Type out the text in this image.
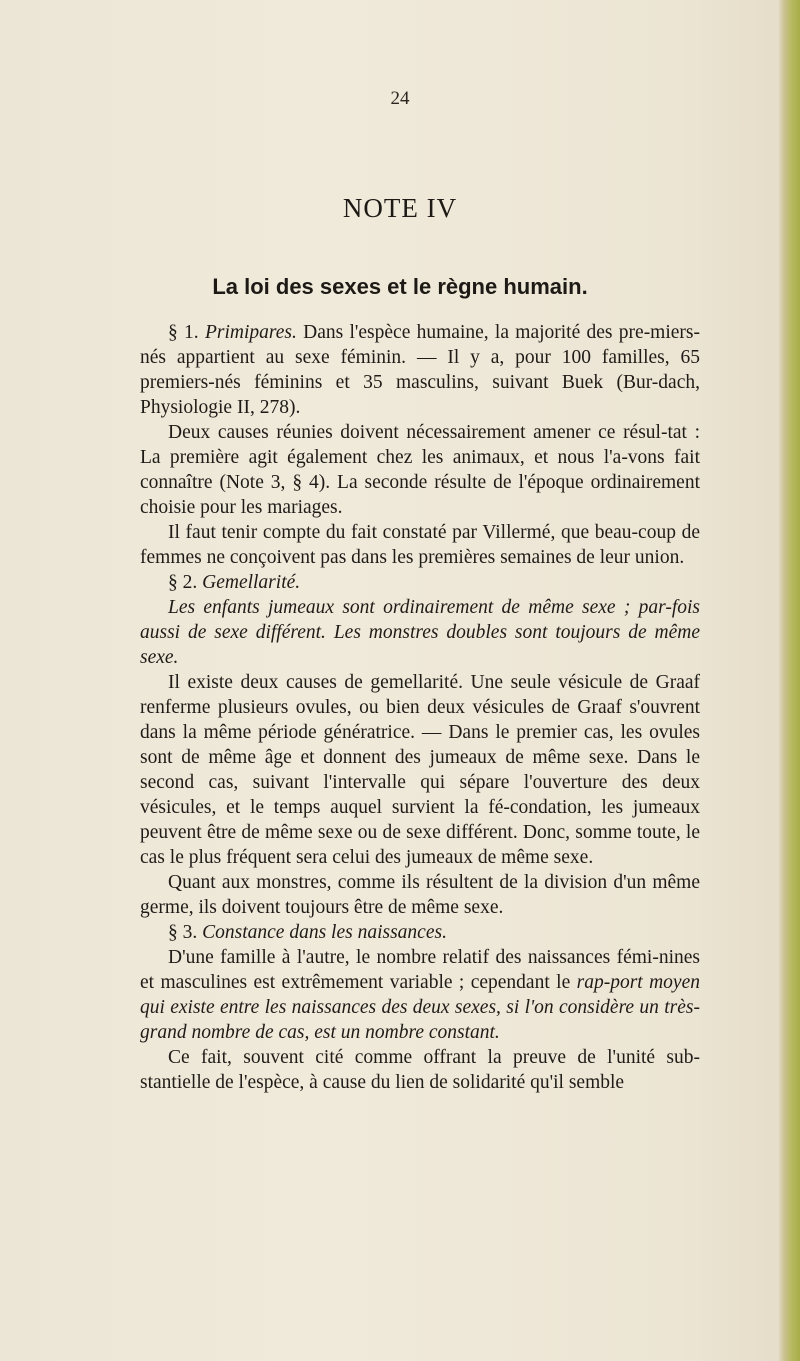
24
NOTE IV
La loi des sexes et le règne humain.

§ 1. Primipares. Dans l'espèce humaine, la majorité des pre-miers-nés appartient au sexe féminin. — Il y a, pour 100 familles, 65 premiers-nés féminins et 35 masculins, suivant Buek (Bur-dach, Physiologie II, 278).

Deux causes réunies doivent nécessairement amener ce résul-tat : La première agit également chez les animaux, et nous l'a-vons fait connaître (Note 3, § 4). La seconde résulte de l'époque ordinairement choisie pour les mariages.

Il faut tenir compte du fait constaté par Villermé, que beau-coup de femmes ne conçoivent pas dans les premières semaines de leur union.

§ 2. Gemellarité.

Les enfants jumeaux sont ordinairement de même sexe ; par-fois aussi de sexe différent. Les monstres doubles sont toujours de même sexe.

Il existe deux causes de gemellarité. Une seule vésicule de Graaf renferme plusieurs ovules, ou bien deux vésicules de Graaf s'ouvrent dans la même période génératrice. — Dans le premier cas, les ovules sont de même âge et donnent des jumeaux de même sexe. Dans le second cas, suivant l'intervalle qui sépare l'ouverture des deux vésicules, et le temps auquel survient la fé-condation, les jumeaux peuvent être de même sexe ou de sexe différent. Donc, somme toute, le cas le plus fréquent sera celui des jumeaux de même sexe.

Quant aux monstres, comme ils résultent de la division d'un même germe, ils doivent toujours être de même sexe.

§ 3. Constance dans les naissances.

D'une famille à l'autre, le nombre relatif des naissances fémi-nines et masculines est extrêmement variable ; cependant le rap-port moyen qui existe entre les naissances des deux sexes, si l'on considère un très-grand nombre de cas, est un nombre constant.

Ce fait, souvent cité comme offrant la preuve de l'unité sub-stantielle de l'espèce, à cause du lien de solidarité qu'il semble
